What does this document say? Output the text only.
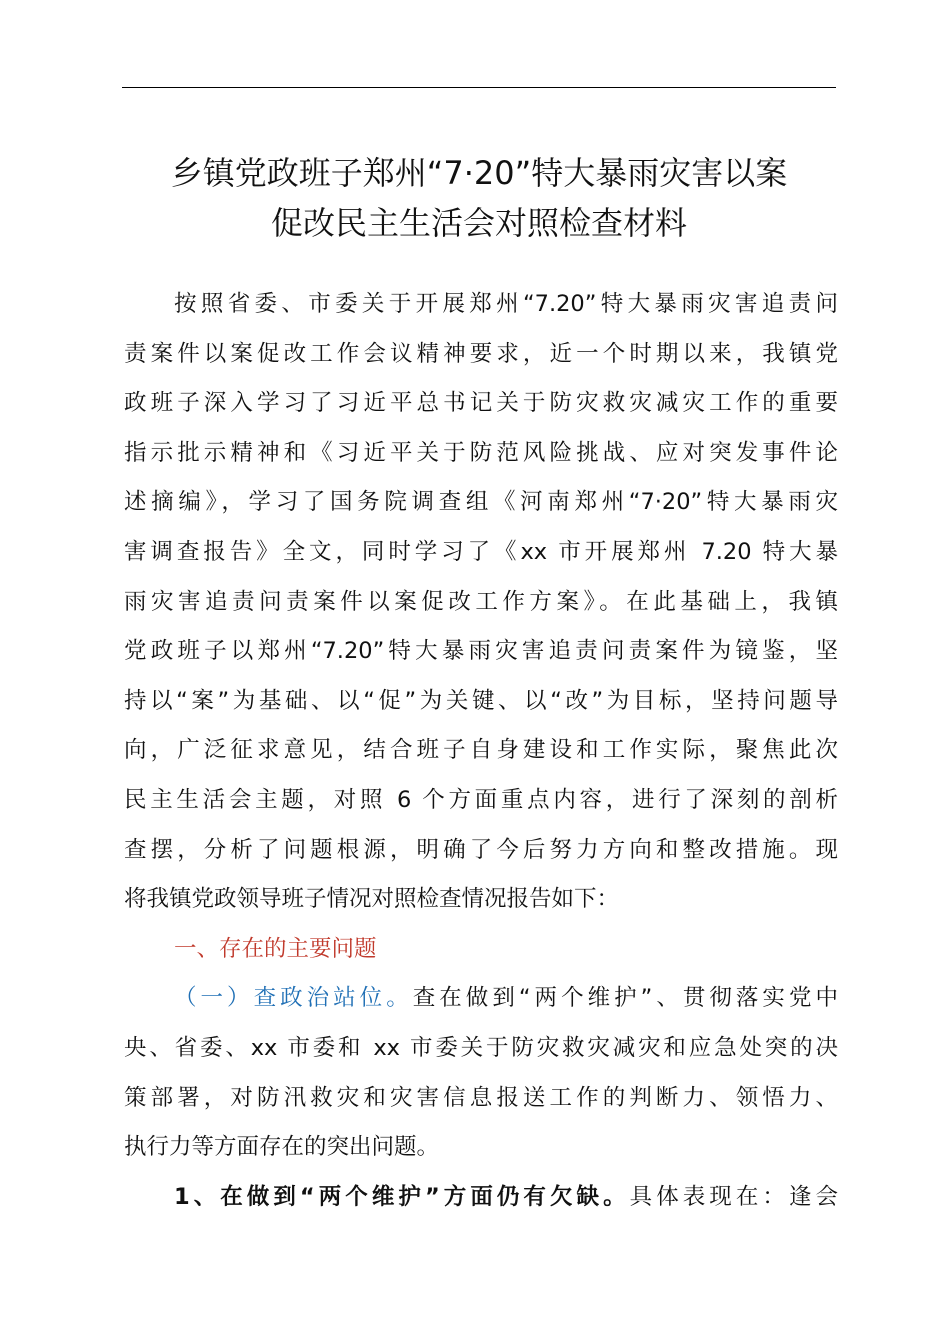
乡镇党政班子郑州“7·20”特大暴雨灾害以案
促改民主生活会对照检查材料
按照省委、市委关于开展郑州“7.20”特大暴雨灾害追责问
责案件以案促改工作会议精神要求，近一个时期以来，我镇党
政班子深入学习了习近平总书记关于防灾救灾减灾工作的重要
指示批示精神和《习近平关于防范风险挑战、应对突发事件论
述摘编》，学习了国务院调查组《河南郑州“7·20”特大暴雨灾
害调查报告》全文，同时学习了《xx 市开展郑州 7.20 特大暴
雨灾害追责问责案件以案促改工作方案》。在此基础上，我镇
党政班子以郑州“7.20”特大暴雨灾害追责问责案件为镜鉴，坚
持以“案”为基础、以“促”为关键、以“改”为目标，坚持问题导
向，广泛征求意见，结合班子自身建设和工作实际，聚焦此次
民主生活会主题，对照 6 个方面重点内容，进行了深刻的剖析
查摆，分析了问题根源，明确了今后努力方向和整改措施。现
将我镇党政领导班子情况对照检查情况报告如下：
一、存在的主要问题
（一）查政治站位。查在做到“两个维护”、贯彻落实党中
央、省委、xx 市委和 xx 市委关于防灾救灾减灾和应急处突的决
策部署，对防汛救灾和灾害信息报送工作的判断力、领悟力、
执行力等方面存在的突出问题。
1、在做到“两个维护”方面仍有欠缺。具体表现在：逢会
